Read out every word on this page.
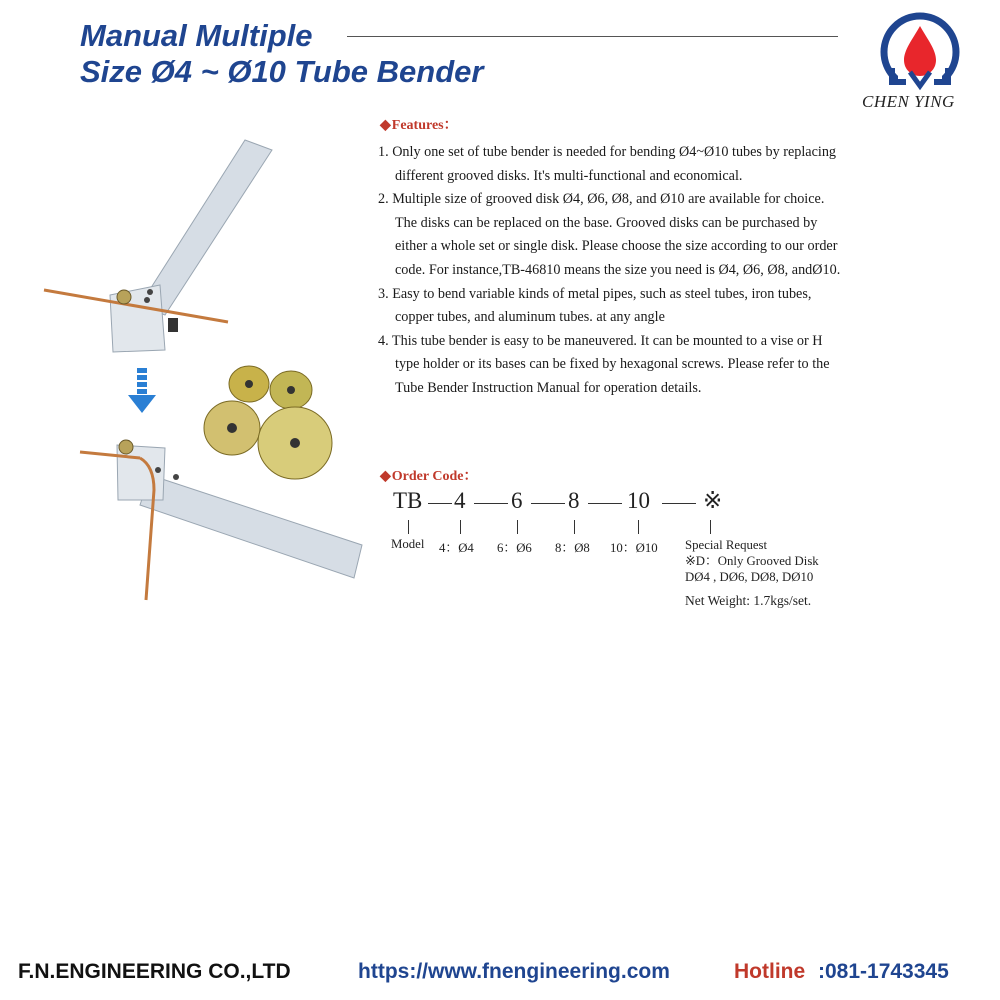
Manual Multiple
Size Ø4 ~ Ø10 Tube Bender
CHEN YING
◆Features：
1. Only one set of tube bender is needed for bending Ø4~Ø10 tubes by replacing different grooved disks. It's multi-functional and economical.
2. Multiple size of grooved disk Ø4, Ø6, Ø8, and Ø10 are available for choice. The disks can be replaced on the base. Grooved disks can be purchased by either a whole set or single disk. Please choose the size according to our order code. For instance,TB-46810 means the size you need is Ø4, Ø6, Ø8, andØ10.
3. Easy to bend variable kinds of metal pipes, such as steel tubes, iron tubes, copper tubes, and aluminum tubes. at any angle
4. This tube bender is easy to be maneuvered. It can be mounted to a vise or H type holder or its bases can be fixed by hexagonal screws. Please refer to the Tube Bender Instruction Manual for operation details.
◆Order Code：
TB 4 6 8 10 ※
Model 4：Ø4 6：Ø6 8：Ø8 10：Ø10 Special Request
※D：Only Grooved Disk
DØ4 , DØ6, DØ8, DØ10
Net Weight: 1.7kgs/set.
F.N.ENGINEERING CO.,LTD	https://www.fnengineering.com	Hotline :081-1743345
